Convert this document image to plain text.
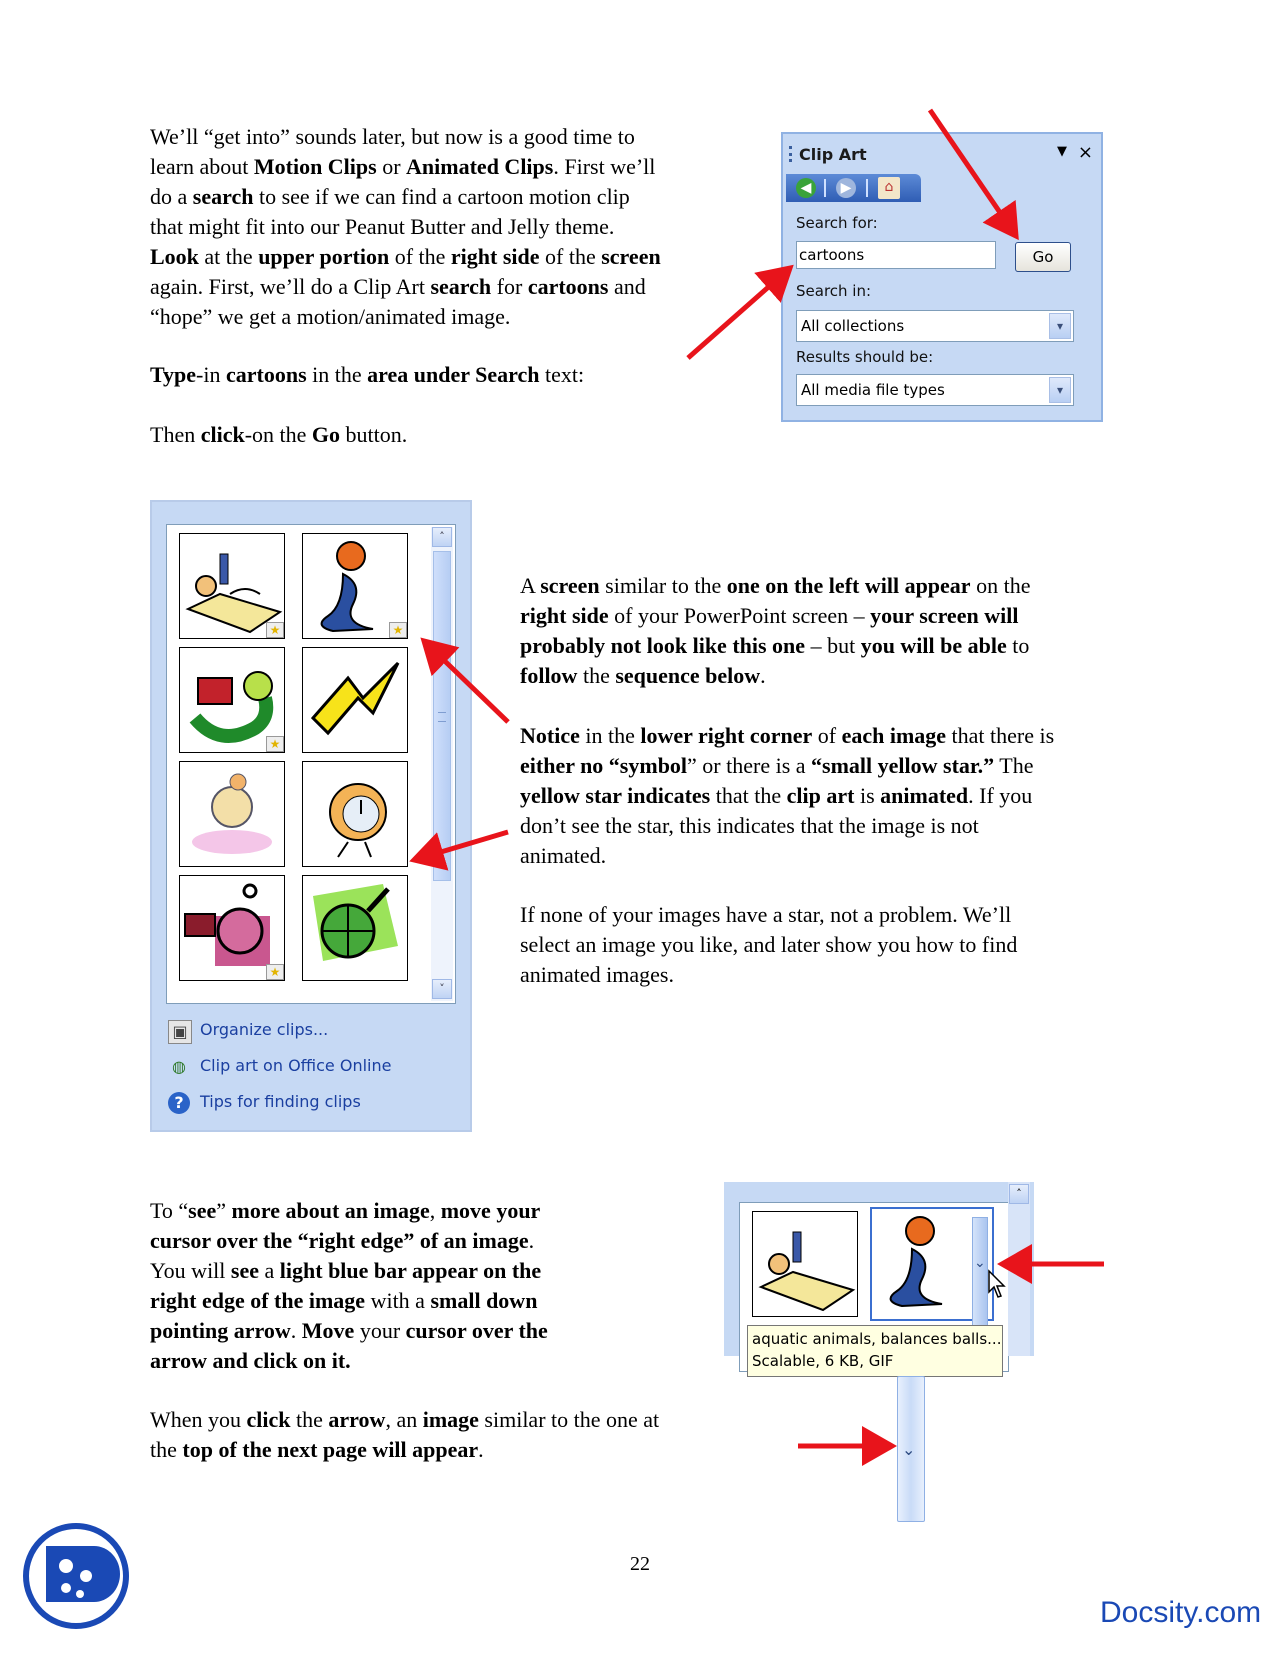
We’ll “get into” sounds later, but now is a good time to
learn about Motion Clips or Animated Clips. First we’ll
do a search to see if we can find a cartoon motion clip
that might fit into our Peanut Butter and Jelly theme.
Look at the upper portion of the right side of the screen
again. First, we’ll do a Clip Art search for cartoons and
“hope” we get a motion/animated image.
Type-in cartoons in the area under Search text:
Then click-on the Go button.
Clip Art	▼ ×
◀	▶	⌂
Search for:
cartoons	Go
Search in:
All collections	▾
Results should be:
All media file types	▾
★	★
★
★
˄
˅
▣ Organize clips...
◍ Clip art on Office Online
?	Tips for finding clips
A screen similar to the one on the left will appear on the
right side of your PowerPoint screen – your screen will
probably not look like this one – but you will be able to
follow the sequence below.
Notice in the lower right corner of each image that there is
either no “symbol” or there is a “small yellow star.” The
yellow star indicates that the clip art is animated. If you
don’t see the star, this indicates that the image is not
animated.
If none of your images have a star, not a problem. We’ll
select an image you like, and later show you how to find
animated images.
To “see” more about an image, move your
cursor over the “right edge” of an image.
You will see a light blue bar appear on the
right edge of the image with a small down
pointing arrow. Move your cursor over the
arrow and click on it.
When you click the arrow, an image similar to the one at
the top of the next page will appear.
⌄
aquatic animals, balances balls...
Scalable, 6 KB, GIF
˄
⌄
22
Docsity.com
